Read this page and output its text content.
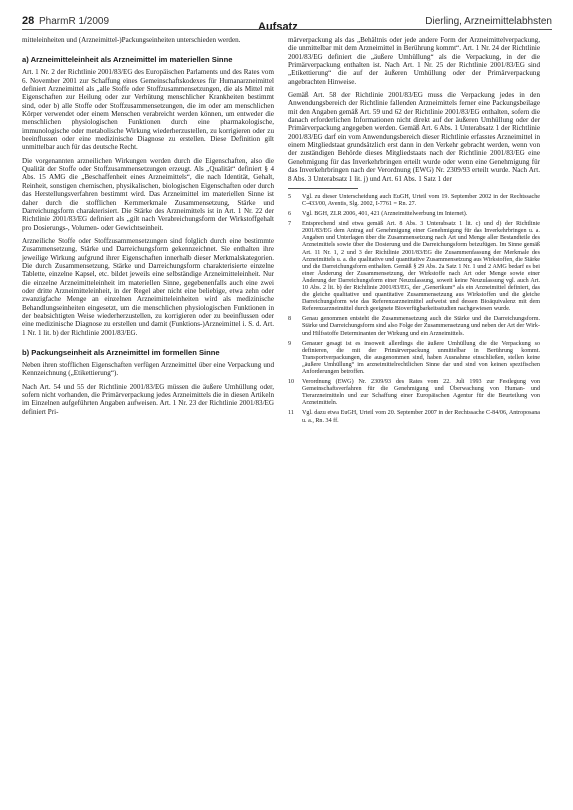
28 PharmR 1/2009	Aufsatz	Dierling, Arzneimittelabhsten

mitteleinheiten und (Arzneimittel-)Packungseinheiten unterschieden werden.

a) Arzneimitteleinheit als Arzneimittel im materiellen Sinne

Art. 1 Nr. 2 der Richtlinie 2001/83/EG des Europäischen Parlaments und des Rates vom 6. November 2001 zur Schaffung eines Gemeinschaftskodexes für Humanarzneimittel definiert Arzneimittel als „alle Stoffe oder Stoffzusammensetzungen, die als Mittel mit Eigenschaften zur Heilung oder zur Verhütung menschlicher Krankheiten bestimmt sind, oder b) alle Stoffe oder Stoffzusammensetzungen, die im oder am menschlichen Körper verwendet oder einem Menschen verabreicht werden können, um entweder die menschlichen physiologischen Funktionen durch eine pharmakologische, immunologische oder metabolische Wirkung wiederherzustellen, zu korrigieren oder zu beeinflussen oder eine medizinische Diagnose zu erstellen. Diese Definition gilt unmittelbar auch für das deutsche Recht.

Die vorgenannten arzneilichen Wirkungen werden durch die Eigenschaften, also die Qualität der Stoffe oder Stoffzusammensetzungen erzeugt. Als „Qualität“ definiert § 4 Abs. 15 AMG die „Beschaffenheit eines Arzneimittels“, die nach Identität, Gehalt, Reinheit, sonstigen chemischen, physikalischen, biologischen Eigenschaften oder durch das Herstellungsverfahren bestimmt wird. Das Arzneimittel im materiellen Sinne ist daher durch die stofflichen Kernmerkmale Zusammensetzung, Stärke und Darreichungsform charakterisiert. Die Stärke des Arzneimittels ist in Art. 1 Nr. 22 der Richtlinie 2001/83/EG definiert als „gilt nach Verabreichungsform der Wirkstoffgehalt pro Dosierungs-, Volumen- oder Gewichtseinheit.

Arzneiliche Stoffe oder Stoffzusammensetzungen sind folglich durch eine bestimmte Zusammensetzung, Stärke und Darreichungsform gekennzeichnet. Sie enthalten ihre jeweilige Wirkung aufgrund ihrer Eigenschaften innerhalb dieser Merkmalskategorien. Die durch Zusammensetzung, Stärke und Darreichungsform charakterisierte einzelne Tablette, einzelne Kapsel, etc. bildet jeweils eine selbständige Arzneimitteleinheit. Nur die einzelne Arzneimitteleinheit im materiellen Sinne, gegebenenfalls auch eine zwei oder dritte Arzneimitteleinheit, in der Regel aber nicht eine beliebige, etwa zehn oder zwanzigfache Menge an einzelnen Arzneimitteleinheiten wird als medizinische Behandlungseinheiten eingesetzt, um die menschlichen physiologischen Funktionen in der beabsichtigten Weise wiederherzustellen, zu korrigieren oder zu beeinflussen oder eine medizinische Diagnose zu erstellen und damit (Funktions-)Arzneimittel i. S. d. Art. 1 Nr. 1 lit. b) der Richtlinie 2001/83/EG.

b) Packungseinheit als Arzneimittel im formellen Sinne

Neben ihren stofflichen Eigenschaften verfügen Arzneimittel über eine Verpackung und Kennzeichnung („Etikettierung“).

Nach Art. 54 und 55 der Richtlinie 2001/83/EG müssen die äußere Umhüllung oder, sofern nicht vorhanden, die Primärverpackung jedes Arzneimittels die in diesen Artikeln im Einzelnen aufgeführten Angaben aufweisen. Art. 1 Nr. 23 der Richtlinie 2001/83/EG definiert Pri-

märverpackung als das „Behältnis oder jede andere Form der Arzneimittelverpackung, die unmittelbar mit dem Arzneimittel in Berührung kommt“. Art. 1 Nr. 24 der Richtlinie 2001/83/EG definiert die „äußere Umhüllung“ als die Verpackung, in der die Primärverpackung enthalten ist. Nach Art. 1 Nr. 25 der Richtlinie 2001/83/EG sind „Etikettierung“ die auf der äußeren Umhüllung oder der Primärverpackung angebrachten Hinweise.

Gemäß Art. 58 der Richtlinie 2001/83/EG muss die Verpackung jedes in den Anwendungsbereich der Richtlinie fallenden Arzneimittels ferner eine Packungsbeilage mit den Angaben gemäß Art. 59 und 62 der Richtlinie 2001/83/EG enthalten, sofern die danach erforderlichen Informationen nicht direkt auf der äußeren Umhüllung oder der Primärverpackung angegeben werden. Gemäß Art. 6 Abs. 1 Unterabsatz 1 der Richtlinie 2001/83/EG darf ein vom Anwendungsbereich dieser Richtlinie erfasstes Arzneimittel in einem Mitgliedstaat grundsätzlich erst dann in den Verkehr gebracht werden, wenn von der zuständigen Behörde dieses Mitgliedstaats nach der Richtlinie 2001/83/EG eine Genehmigung für das Inverkehrbringen erteilt wurde oder wenn eine Genehmigung für das Inverkehrbringen nach der Verordnung (EWG) Nr. 2309/93 erteilt wurde. Nach Art. 8 Abs. 3 Unterabsatz 1 lit. j) und Art. 61 Abs. 1 Satz 1 der

5	Vgl. zu dieser Unterscheidung auch EuGH, Urteil vom 19. September 2002 in der Rechtssache C-433/00, Aventis, Slg. 2002, I-7761 = Rn. 27.
6	Vgl. BGH, ZLR 2006, 401, 421 (Arzneimittelwerbung im Internet).
7	Entsprechend sind etwa gemäß Art. 8 Abs. 3 Unterabsatz 1 lit. c) und d) der Richtlinie 2001/83/EG dem Antrag auf Genehmigung einer Genehmigung für das Inverkehrbringen u. a. Angaben und Unterlagen über die Zusammensetzung nach Art und Menge aller Bestandteile des Arzneimittels sowie über die Dosierung und die Darreichungsform beizufügen. Im Sinne gemäß Art. 11 Nr. 1, 2 und 3 der Richtlinie 2001/83/EG die Zusammenfassung der Merkmale des Arzneimittels u. a. die qualitative und quantitative Zusammensetzung aus Wirkstoffen, die Stärke und die Darreichungsform enthalten. Gemäß § 29 Abs. 2a Satz 1 Nr. 1 und 2 AMG bedarf es bei einer Änderung der Zusammensetzung, der Wirkstoffe nach Art oder Menge sowie einer Änderung der Darreichungsform einer Neuzulassung, soweit keine Neuzulassung vgl. auch Art. 10 Abs. 2 lit. b) der Richtlinie 2001/83/EG, der „Generikum“ als ein Arzneimittel definiert, das die gleiche qualitative und quantitative Zusammensetzung aus Wirkstoffen und die gleiche Darreichungsform wie das Referenzarzneimittel aufweist und dessen Bioäquivalenz mit dem Referenzarzneimittel durch geeignete Bioverfügbarkeitsstudien nachgewiesen wurde.
8	Genau genommen entsteht die Zusammensetzung auch die Stärke und die Darreichungsform. Stärke und Darreichungsform sind also Folge der Zusammensetzung und neben der Art der Wirk- und Hilfsstoffe Determinanten der Wirkung und ein Arzneimittels.
9	Genauer gesagt ist es insoweit allerdings die äußere Umhüllung die die Verpackung so definieren, die mit der Primärverpackung unmittelbar in Berührung kommt. Transportverpackungen, die ausgenommen sind, haben Ausnahme einschließen, stellen keine „äußere Umhüllung“ im arzneimittelrechtlichen Sinne dar und sind von keinen spezifischen Anforderungen betroffen.
10	Verordnung (EWG) Nr. 2309/93 des Rates vom 22. Juli 1993 zur Festlegung von Gemeinschaftsverfahren für die Genehmigung und Überwachung von Human- und Tierarzneimitteln und zur Schaffung einer Europäischen Agentur für die Beurteilung von Arzneimitteln.
11	Vgl. dazu etwa EuGH, Urteil vom 20. September 2007 in der Rechtssache C-84/06, Antroposana u. a., Rn. 34 ff.
